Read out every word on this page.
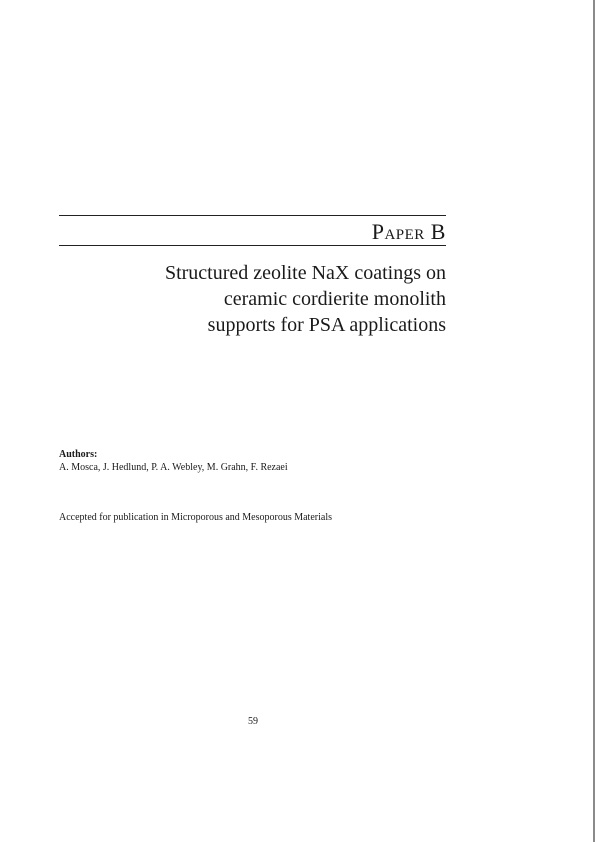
Paper B
Structured zeolite NaX coatings on
ceramic cordierite monolith
supports for PSA applications
Authors:
A. Mosca, J. Hedlund, P. A. Webley, M. Grahn, F. Rezaei
Accepted for publication in Microporous and Mesoporous Materials
59
